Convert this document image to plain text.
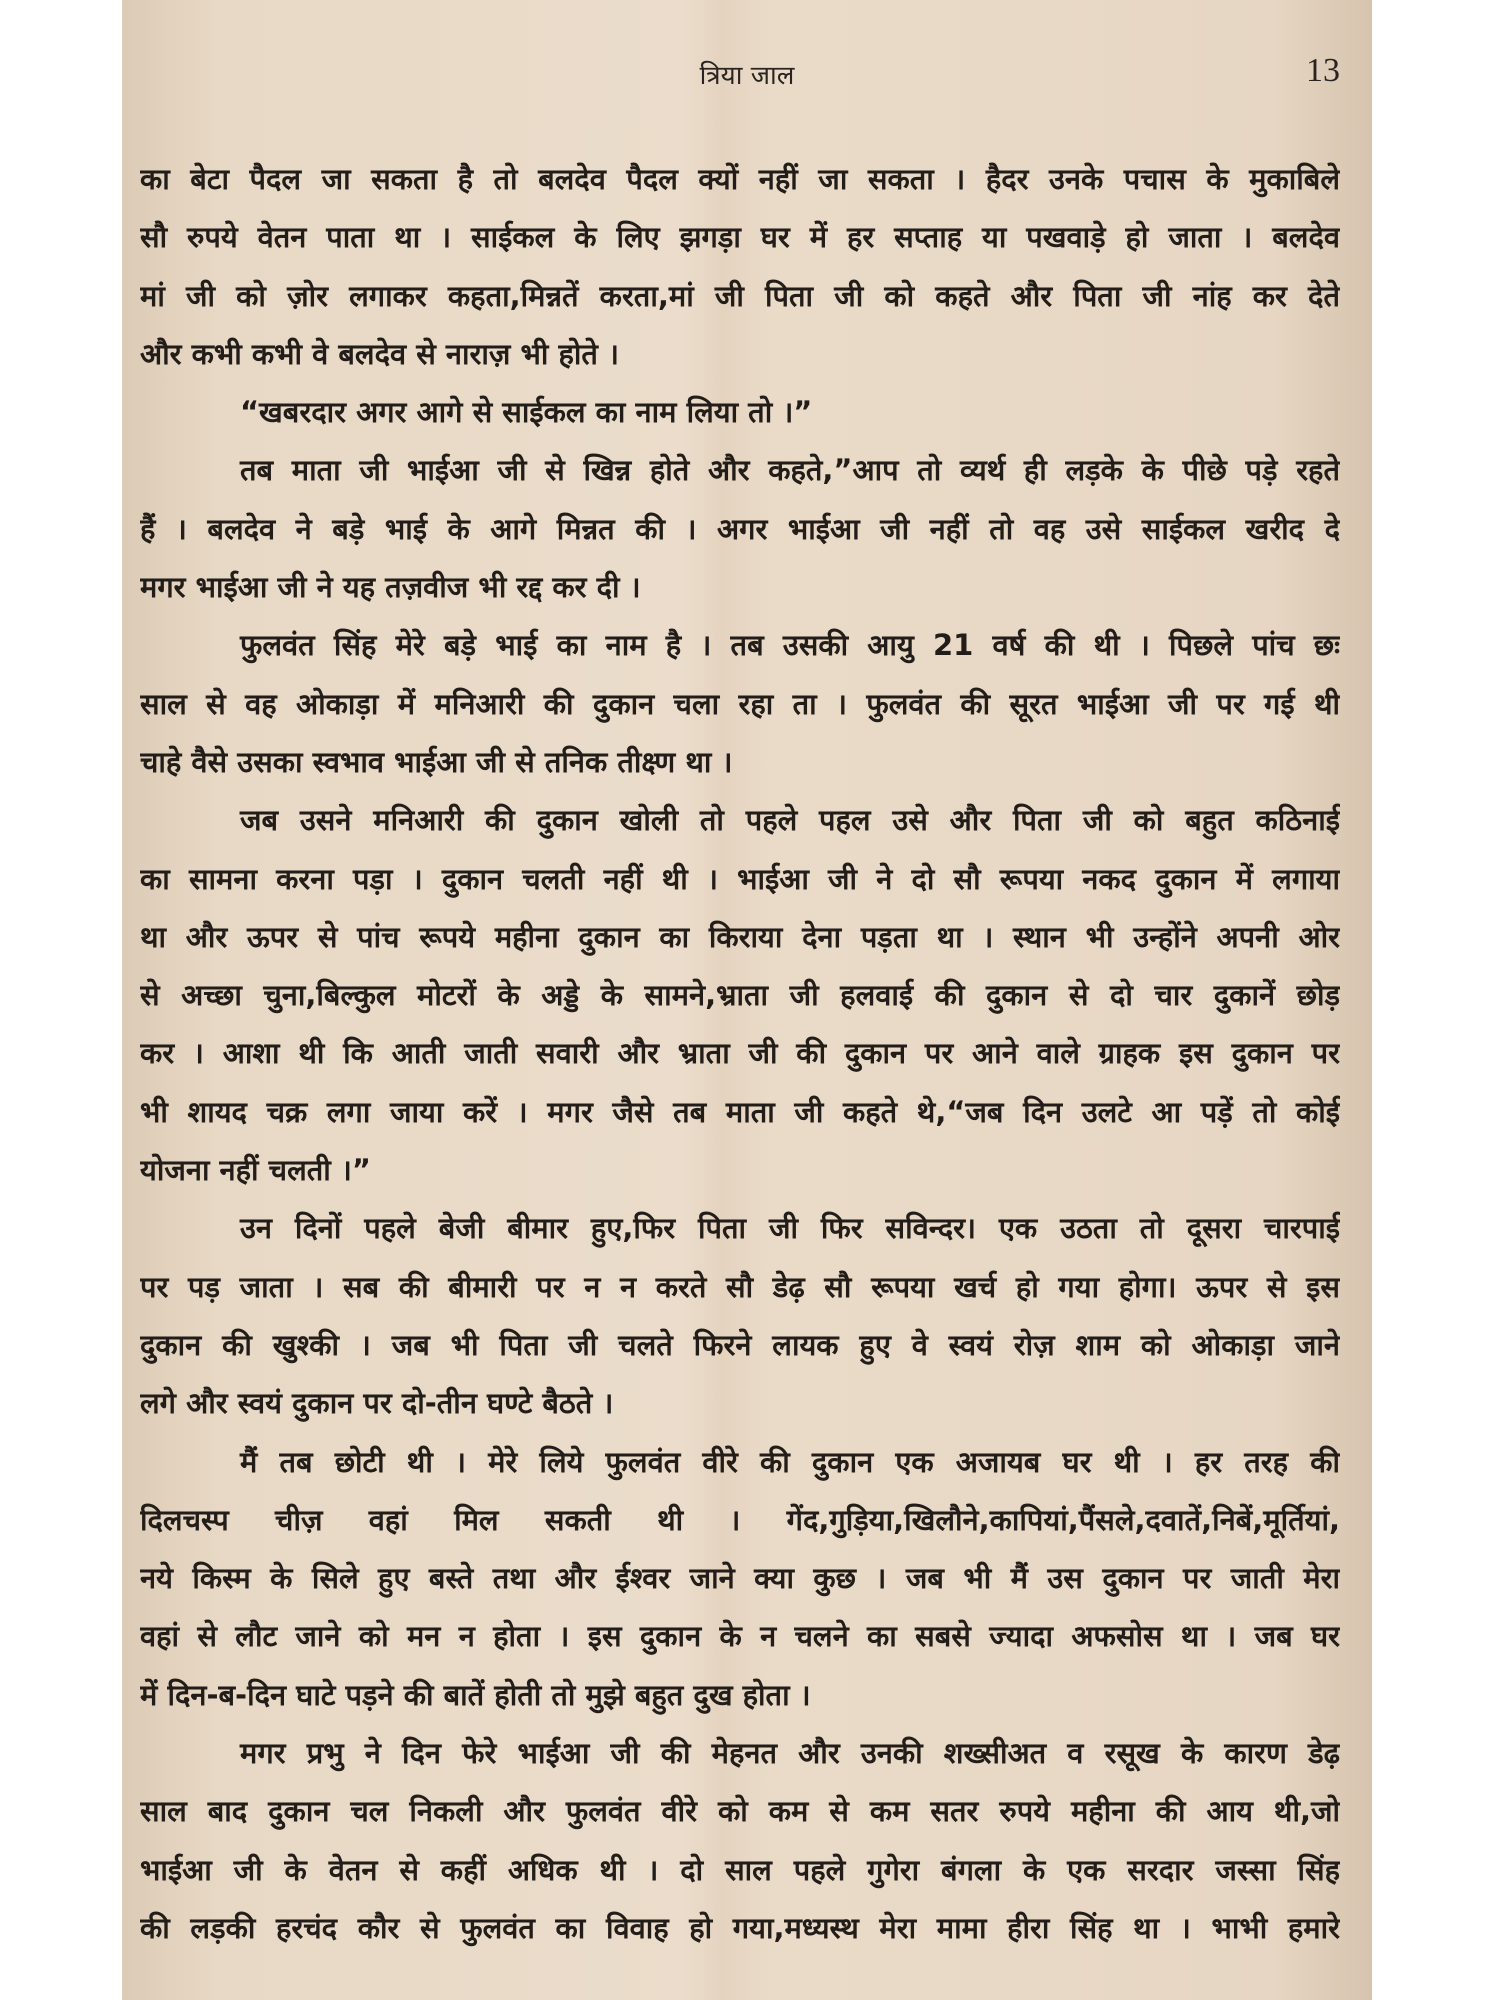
त्रिया जाल	13
का बेटा पैदल जा सकता है तो बलदेव पैदल क्यों नहीं जा सकता । हैदर उनके पचास के मुकाबिले
सौ रुपये वेतन पाता था । साईकल के लिए झगड़ा घर में हर सप्ताह या पखवाड़े हो जाता । बलदेव
मां जी को ज़ोर लगाकर कहता,मिन्नतें करता,मां जी पिता जी को कहते और पिता जी नांह कर देते
और कभी कभी वे बलदेव से नाराज़ भी होते ।
“खबरदार अगर आगे से साईकल का नाम लिया तो ।”
तब माता जी भाईआ जी से खिन्न होते और कहते,”आप तो व्यर्थ ही लड़के के पीछे पड़े रहते
हैं । बलदेव ने बड़े भाई के आगे मिन्नत की । अगर भाईआ जी नहीं तो वह उसे साईकल खरीद दे
मगर भाईआ जी ने यह तज़वीज भी रद्द कर दी ।
फुलवंत सिंह मेरे बड़े भाई का नाम है । तब उसकी आयु 21 वर्ष की थी । पिछले पांच छः
साल से वह ओकाड़ा में मनिआरी की दुकान चला रहा ता । फुलवंत की सूरत भाईआ जी पर गई थी
चाहे वैसे उसका स्वभाव भाईआ जी से तनिक तीक्ष्ण था ।
जब उसने मनिआरी की दुकान खोली तो पहले पहल उसे और पिता जी को बहुत कठिनाई
का सामना करना पड़ा । दुकान चलती नहीं थी । भाईआ जी ने दो सौ रूपया नकद दुकान में लगाया
था और ऊपर से पांच रूपये महीना दुकान का किराया देना पड़ता था । स्थान भी उन्होंने अपनी ओर
से अच्छा चुना,बिल्कुल मोटरों के अड्डे के सामने,भ्राता जी हलवाई की दुकान से दो चार दुकानें छोड़
कर । आशा थी कि आती जाती सवारी और भ्राता जी की दुकान पर आने वाले ग्राहक इस दुकान पर
भी शायद चक्र लगा जाया करें । मगर जैसे तब माता जी कहते थे,“जब दिन उलटे आ पड़ें तो कोई
योजना नहीं चलती ।”
उन दिनों पहले बेजी बीमार हुए,फिर पिता जी फिर सविन्दर। एक उठता तो दूसरा चारपाई
पर पड़ जाता । सब की बीमारी पर न न करते सौ डेढ़ सौ रूपया खर्च हो गया होगा। ऊपर से इस
दुकान की खुश्की । जब भी पिता जी चलते फिरने लायक हुए वे स्वयं रोज़ शाम को ओकाड़ा जाने
लगे और स्वयं दुकान पर दो-तीन घण्टे बैठते ।
मैं तब छोटी थी । मेरे लिये फुलवंत वीरे की दुकान एक अजायब घर थी । हर तरह की
दिलचस्प चीज़ वहां मिल सकती थी । गेंद,गुड़िया,खिलौने,कापियां,पैंसले,दवातें,निबें,मूर्तियां,
नये किस्म के सिले हुए बस्ते तथा और ईश्वर जाने क्या कुछ । जब भी मैं उस दुकान पर जाती मेरा
वहां से लौट जाने को मन न होता । इस दुकान के न चलने का सबसे ज्यादा अफसोस था । जब घर
में दिन-ब-दिन घाटे पड़ने की बातें होती तो मुझे बहुत दुख होता ।
मगर प्रभु ने दिन फेरे भाईआ जी की मेहनत और उनकी शख्सीअत व रसूख के कारण डेढ़
साल बाद दुकान चल निकली और फुलवंत वीरे को कम से कम सतर रुपये महीना की आय थी,जो
भाईआ जी के वेतन से कहीं अधिक थी । दो साल पहले गुगेरा बंगला के एक सरदार जस्सा सिंह
की लड़की हरचंद कौर से फुलवंत का विवाह हो गया,मध्यस्थ मेरा मामा हीरा सिंह था । भाभी हमारे
